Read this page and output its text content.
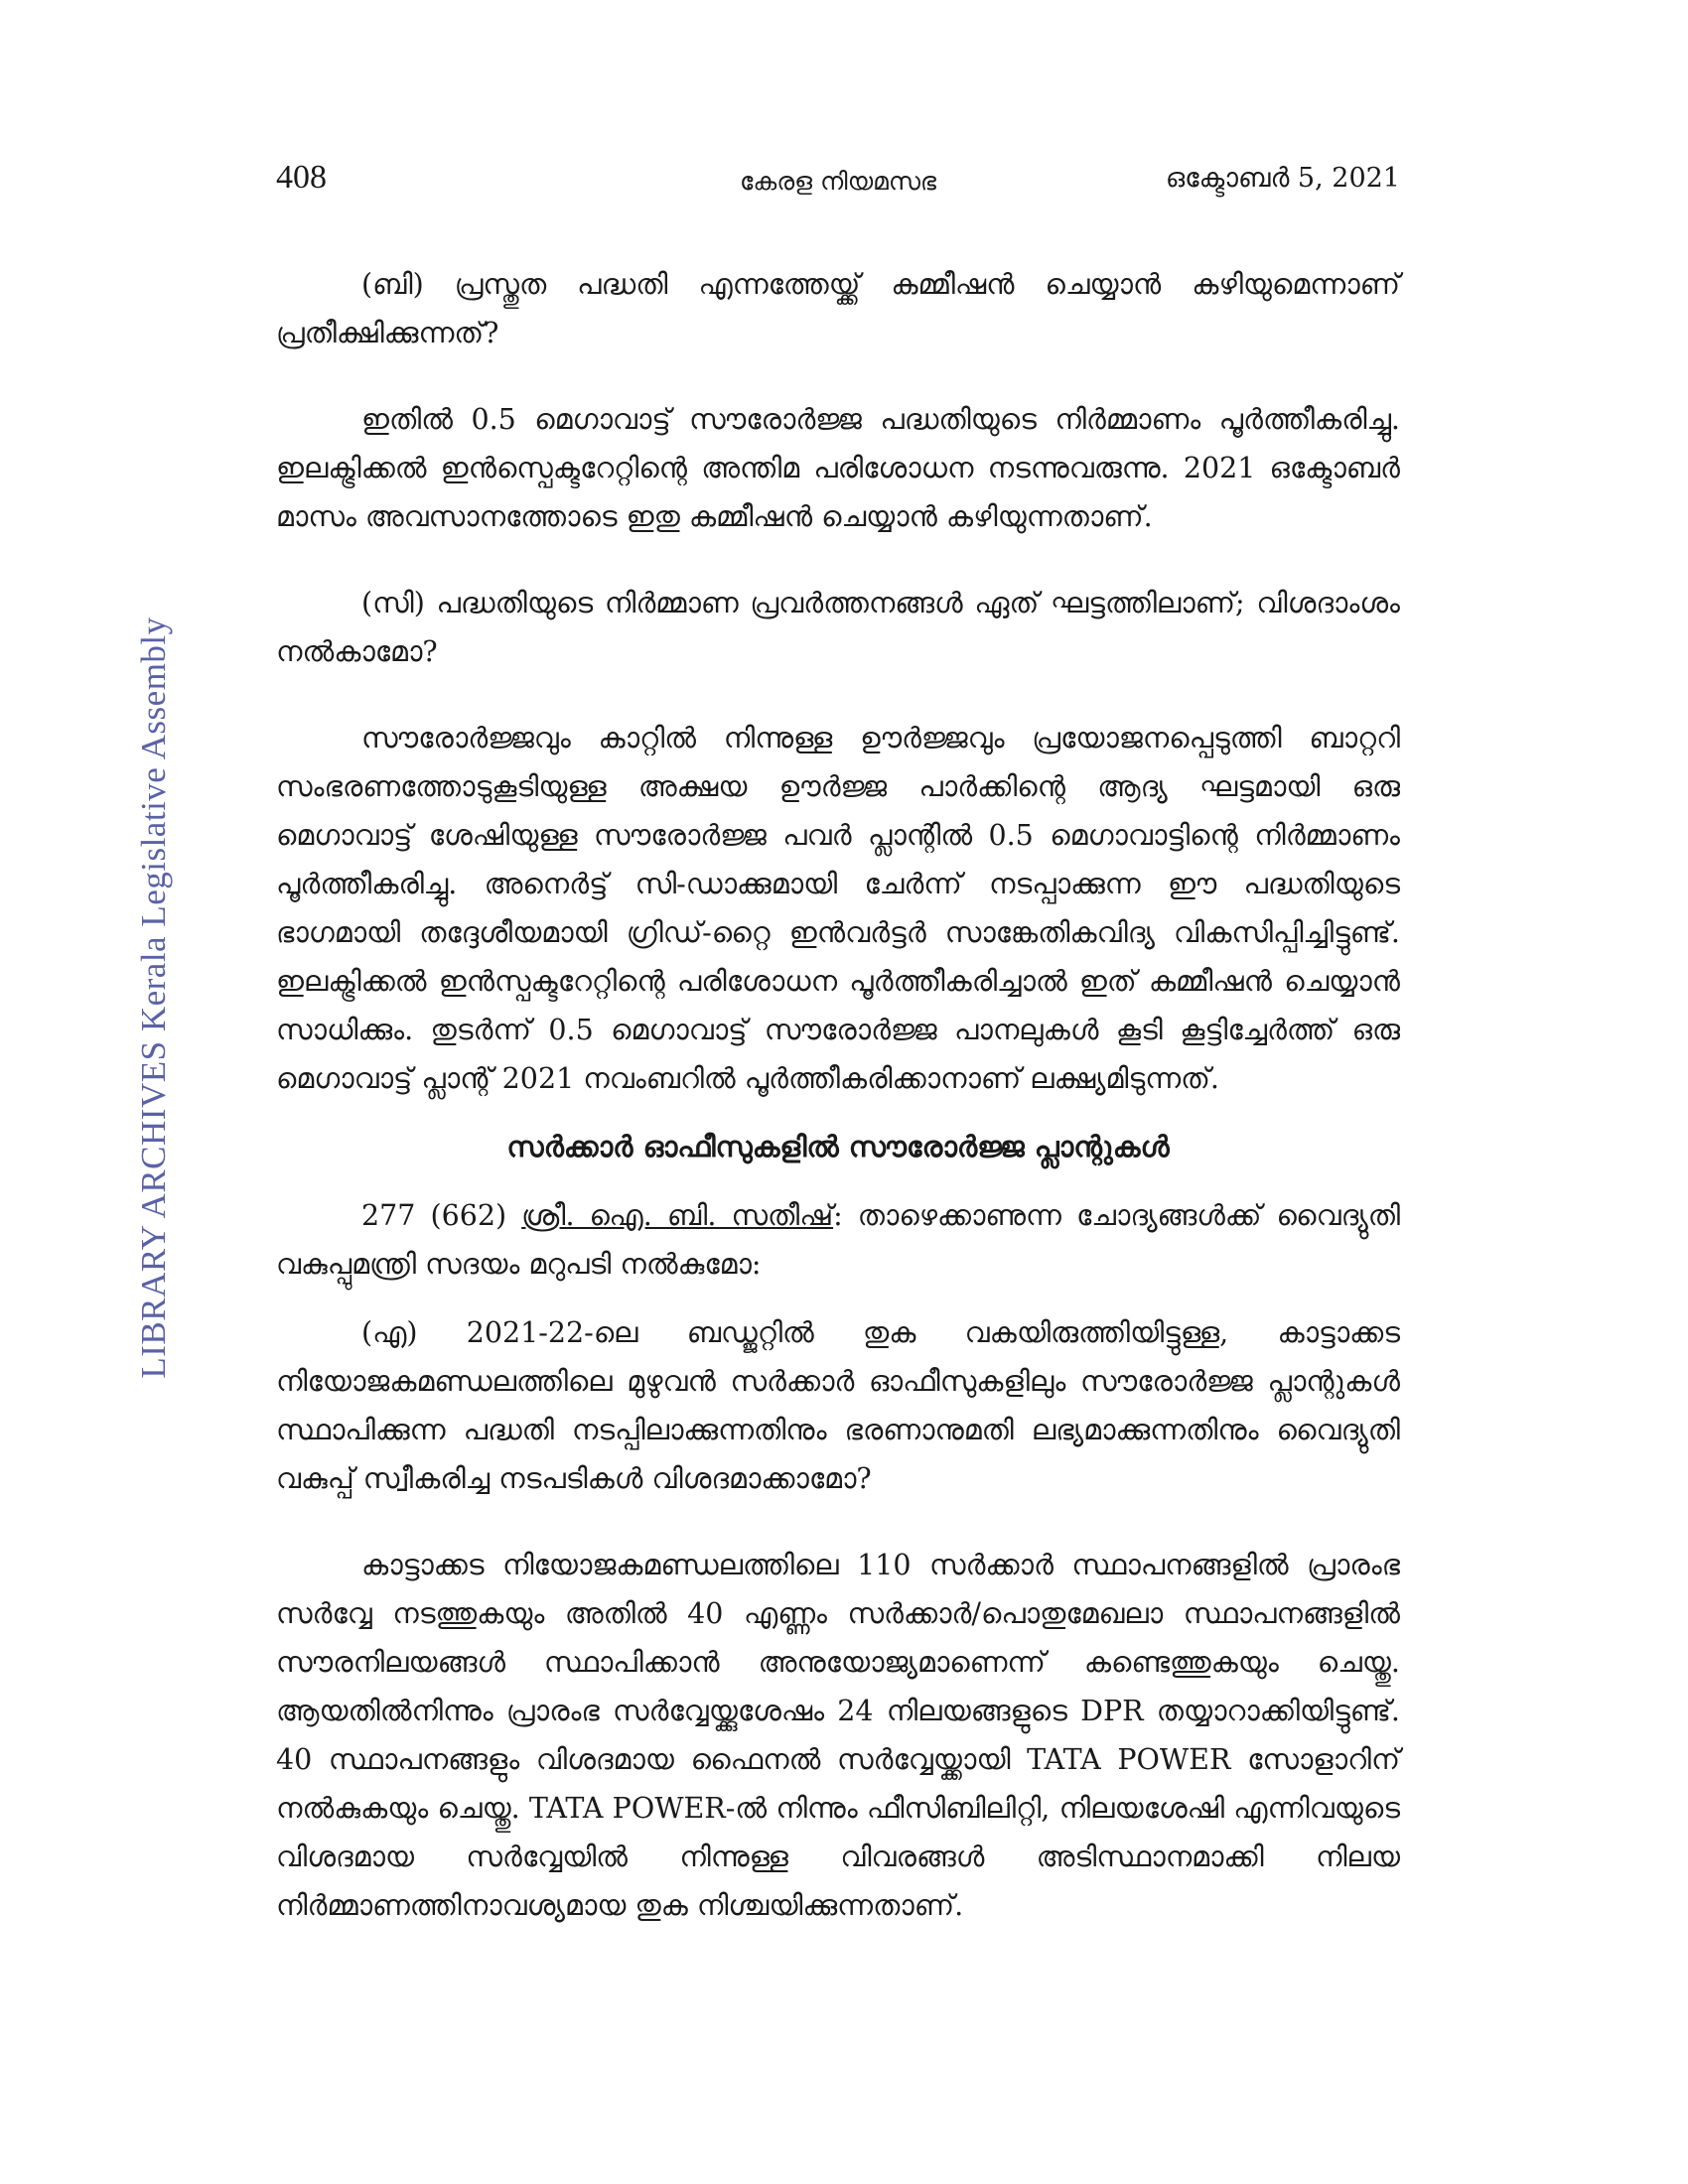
LIBRARY ARCHIVES Kerala Legislative Assembly
408	കേരള നിയമസഭ	ഒക്ടോബർ 5, 2021

(ബി) പ്രസ്തുത പദ്ധതി എന്നത്തേയ്ക്ക് കമ്മീഷൻ ചെയ്യാൻ കഴിയുമെന്നാണ് പ്രതീക്ഷിക്കുന്നത്?

ഇതിൽ 0.5 മെഗാവാട്ട് സൗരോർജ്ജ പദ്ധതിയുടെ നിർമ്മാണം പൂർത്തീകരിച്ചു. ഇലക്ട്രിക്കൽ ഇൻസ്പെക്ടറേറ്റിന്റെ അന്തിമ പരിശോധന നടന്നുവരുന്നു. 2021 ഒക്ടോബർ മാസം അവസാനത്തോടെ ഇതു കമ്മീഷൻ ചെയ്യാൻ കഴിയുന്നതാണ്.

(സി) പദ്ധതിയുടെ നിർമ്മാണ പ്രവർത്തനങ്ങൾ ഏത് ഘട്ടത്തിലാണ്; വിശദാംശം നൽകാമോ?

സൗരോർജ്ജവും കാറ്റിൽ നിന്നുള്ള ഊർജ്ജവും പ്രയോജനപ്പെടുത്തി ബാറ്ററി സംഭരണത്തോടുകൂടിയുള്ള അക്ഷയ ഊർജ്ജ പാർക്കിന്റെ ആദ്യ ഘട്ടമായി ഒരു മെഗാവാട്ട് ശേഷിയുള്ള സൗരോർജ്ജ പവർ പ്ലാന്റിൽ 0.5 മെഗാവാട്ടിന്റെ നിർമ്മാണം പൂർത്തീകരിച്ചു. അനെർട്ട് സി-ഡാക്കുമായി ചേർന്ന് നടപ്പാക്കുന്ന ഈ പദ്ധതിയുടെ ഭാഗമായി തദ്ദേശീയമായി ഗ്രിഡ്-റ്റൈ ഇൻവർട്ടർ സാങ്കേതികവിദ്യ വികസിപ്പിച്ചിട്ടുണ്ട്. ഇലക്ട്രിക്കൽ ഇൻസ്പക്ടറേറ്റിന്റെ പരിശോധന പൂർത്തീകരിച്ചാൽ ഇത് കമ്മീഷൻ ചെയ്യാൻ സാധിക്കും. തുടർന്ന് 0.5 മെഗാവാട്ട് സൗരോർജ്ജ പാനലുകൾ കൂടി കൂട്ടിച്ചേർത്ത് ഒരു മെഗാവാട്ട് പ്ലാന്റ് 2021 നവംബറിൽ പൂർത്തീകരിക്കാനാണ് ലക്ഷ്യമിടുന്നത്.

സർക്കാർ ഓഫീസുകളിൽ സൗരോർജ്ജ പ്ലാന്റുകൾ

277 (662) ശ്രീ. ഐ. ബി. സതീഷ്: താഴെക്കാണുന്ന ചോദ്യങ്ങൾക്ക് വൈദ്യുതി വകുപ്പുമന്ത്രി സദയം മറുപടി നൽകുമോ:

(എ) 2021-22-ലെ ബഡ്ജറ്റിൽ തുക വകയിരുത്തിയിട്ടുള്ള, കാട്ടാക്കട നിയോജകമണ്ഡലത്തിലെ മുഴുവൻ സർക്കാർ ഓഫീസുകളിലും സൗരോർജ്ജ പ്ലാന്റുകൾ സ്ഥാപിക്കുന്ന പദ്ധതി നടപ്പിലാക്കുന്നതിനും ഭരണാനുമതി ലഭ്യമാക്കുന്നതിനും വൈദ്യുതി വകുപ്പ് സ്വീകരിച്ച നടപടികൾ വിശദമാക്കാമോ?

കാട്ടാക്കട നിയോജകമണ്ഡലത്തിലെ 110 സർക്കാർ സ്ഥാപനങ്ങളിൽ പ്രാരംഭ സർവ്വേ നടത്തുകയും അതിൽ 40 എണ്ണം സർക്കാർ/പൊതുമേഖലാ സ്ഥാപനങ്ങളിൽ സൗരനിലയങ്ങൾ സ്ഥാപിക്കാൻ അനുയോജ്യമാണെന്ന് കണ്ടെത്തുകയും ചെയ്തു. ആയതിൽനിന്നും പ്രാരംഭ സർവ്വേയ്ക്കുശേഷം 24 നിലയങ്ങളുടെ DPR തയ്യാറാക്കിയിട്ടുണ്ട്. 40 സ്ഥാപനങ്ങളും വിശദമായ ഫൈനൽ സർവ്വേയ്ക്കായി TATA POWER സോളാറിന് നൽകുകയും ചെയ്തു. TATA POWER-ൽ നിന്നും ഫീസിബിലിറ്റി, നിലയശേഷി എന്നിവയുടെ വിശദമായ സർവ്വേയിൽ നിന്നുള്ള വിവരങ്ങൾ അടിസ്ഥാനമാക്കി നിലയ നിർമ്മാണത്തിനാവശ്യമായ തുക നിശ്ചയിക്കുന്നതാണ്.
